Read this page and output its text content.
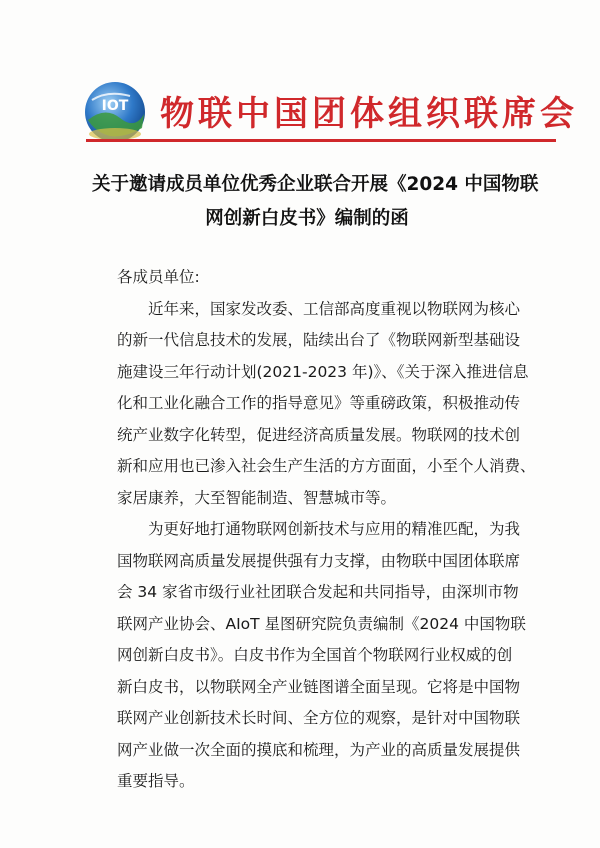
IOT 物联中国团体组织联席会
关于邀请成员单位优秀企业联合开展《2024 中国物联
网创新白皮书》编制的函
各成员单位:
　　近年来，国家发改委、工信部高度重视以物联网为核心
的新一代信息技术的发展，陆续出台了《物联网新型基础设
施建设三年行动计划(2021-2023 年)》、《关于深入推进信息
化和工业化融合工作的指导意见》等重磅政策，积极推动传
统产业数字化转型，促进经济高质量发展。物联网的技术创
新和应用也已渗入社会生产生活的方方面面，小至个人消费、
家居康养，大至智能制造、智慧城市等。
　　为更好地打通物联网创新技术与应用的精准匹配，为我
国物联网高质量发展提供强有力支撑，由物联中国团体联席
会 34 家省市级行业社团联合发起和共同指导，由深圳市物
联网产业协会、AIoT 星图研究院负责编制《2024 中国物联
网创新白皮书》。白皮书作为全国首个物联网行业权威的创
新白皮书，以物联网全产业链图谱全面呈现。它将是中国物
联网产业创新技术长时间、全方位的观察，是针对中国物联
网产业做一次全面的摸底和梳理，为产业的高质量发展提供
重要指导。
